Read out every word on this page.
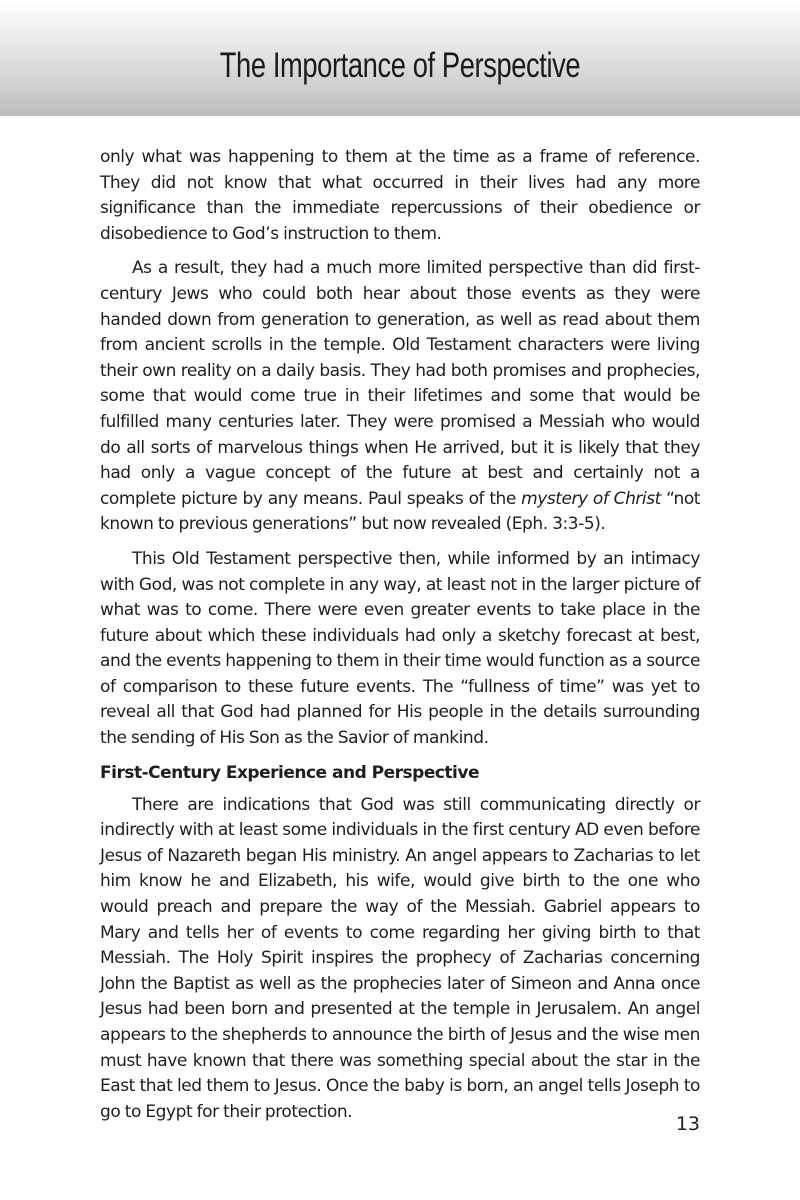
The Importance of Perspective

only what was happening to them at the time as a frame of reference. They did not know that what occurred in their lives had any more significance than the immediate repercussions of their obedience or disobedience to God’s instruction to them.

As a result, they had a much more limited perspective than did first-century Jews who could both hear about those events as they were handed down from generation to generation, as well as read about them from ancient scrolls in the temple. Old Testament characters were living their own reality on a daily basis. They had both promises and prophecies, some that would come true in their lifetimes and some that would be fulfilled many centuries later. They were promised a Messiah who would do all sorts of marvelous things when He arrived, but it is likely that they had only a vague concept of the future at best and certainly not a complete picture by any means. Paul speaks of the mystery of Christ “not known to previous generations” but now revealed (Eph. 3:3-5).

This Old Testament perspective then, while informed by an intimacy with God, was not complete in any way, at least not in the larger picture of what was to come. There were even greater events to take place in the future about which these individuals had only a sketchy forecast at best, and the events happening to them in their time would function as a source of comparison to these future events. The “fullness of time” was yet to reveal all that God had planned for His people in the details surrounding the sending of His Son as the Savior of mankind.

First-Century Experience and Perspective

There are indications that God was still communicating directly or indirectly with at least some individuals in the first century AD even before Jesus of Nazareth began His ministry. An angel appears to Zacharias to let him know he and Elizabeth, his wife, would give birth to the one who would preach and prepare the way of the Messiah. Gabriel appears to Mary and tells her of events to come regarding her giving birth to that Messiah. The Holy Spirit inspires the prophecy of Zacharias concerning John the Baptist as well as the prophecies later of Simeon and Anna once Jesus had been born and presented at the temple in Jerusalem. An angel appears to the shepherds to announce the birth of Jesus and the wise men must have known that there was something special about the star in the East that led them to Jesus. Once the baby is born, an angel tells Joseph to go to Egypt for their protection.

13
